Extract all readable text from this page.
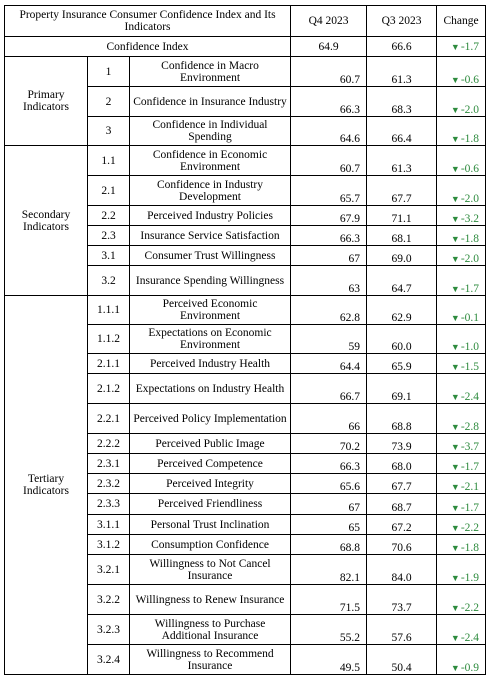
Property Insurance Consumer Confidence Index and Its Indicators			Q4 2023	Q3 2023	Change
Confidence Index			64.9	66.6	▼-1.7
Primary Indicators	1	Confidence in Macro Environment	60.7	61.3	▼-0.6
	2	Confidence in Insurance Industry	66.3	68.3	▼-2.0
	3	Confidence in Individual Spending	64.6	66.4	▼-1.8
Secondary Indicators	1.1	Confidence in Economic Environment	60.7	61.3	▼-0.6
	2.1	Confidence in Industry Development	65.7	67.7	▼-2.0
	2.2	Perceived Industry Policies	67.9	71.1	▼-3.2
	2.3	Insurance Service Satisfaction	66.3	68.1	▼-1.8
	3.1	Consumer Trust Willingness	67	69.0	▼-2.0
	3.2	Insurance Spending Willingness	63	64.7	▼-1.7
Tertiary Indicators	1.1.1	Perceived Economic Environment	62.8	62.9	▼-0.1
	1.1.2	Expectations on Economic Environment	59	60.0	▼-1.0
	2.1.1	Perceived Industry Health	64.4	65.9	▼-1.5
	2.1.2	Expectations on Industry Health	66.7	69.1	▼-2.4
	2.2.1	Perceived Policy Implementation	66	68.8	▼-2.8
	2.2.2	Perceived Public Image	70.2	73.9	▼-3.7
	2.3.1	Perceived Competence	66.3	68.0	▼-1.7
	2.3.2	Perceived Integrity	65.6	67.7	▼-2.1
	2.3.3	Perceived Friendliness	67	68.7	▼-1.7
	3.1.1	Personal Trust Inclination	65	67.2	▼-2.2
	3.1.2	Consumption Confidence	68.8	70.6	▼-1.8
	3.2.1	Willingness to Not Cancel Insurance	82.1	84.0	▼-1.9
	3.2.2	Willingness to Renew Insurance	71.5	73.7	▼-2.2
	3.2.3	Willingness to Purchase Additional Insurance	55.2	57.6	▼-2.4
	3.2.4	Willingness to Recommend Insurance	49.5	50.4	▼-0.9
